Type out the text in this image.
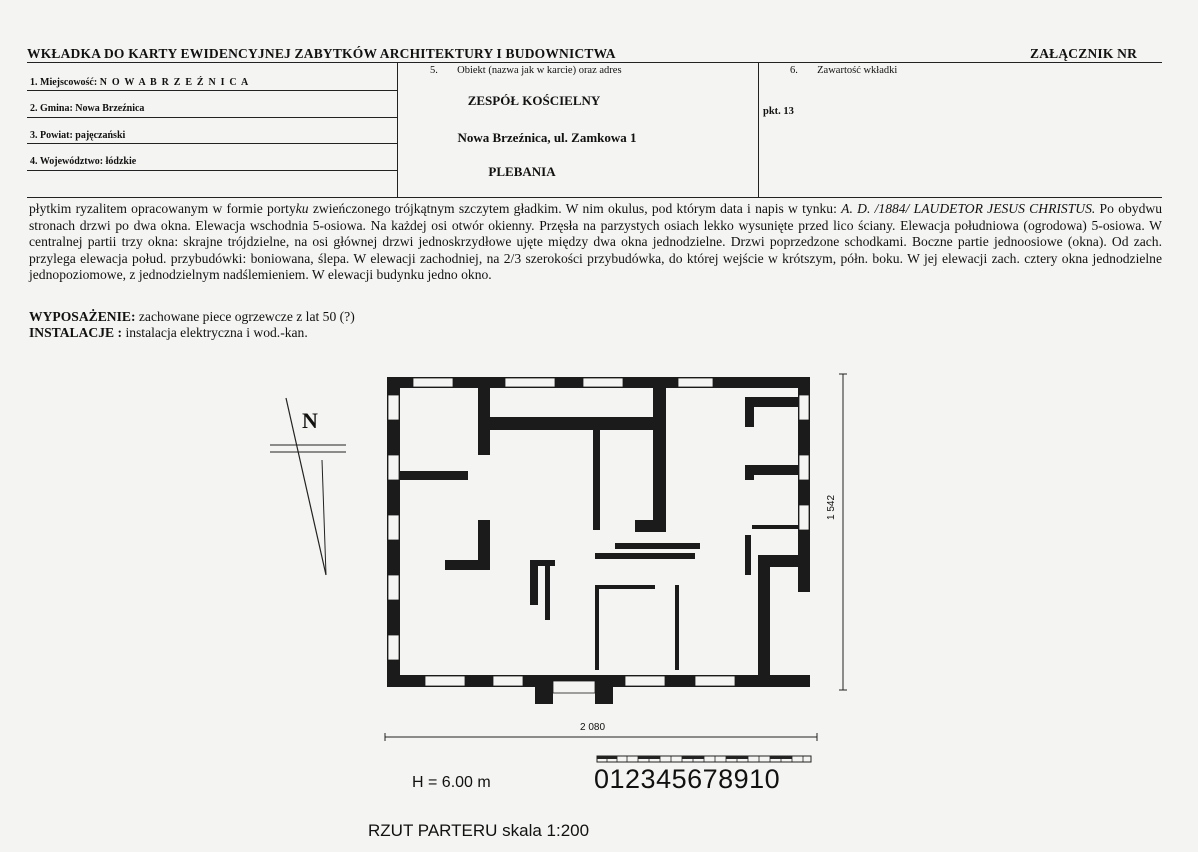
WKŁADKA DO KARTY EWIDENCYJNEJ ZABYTKÓW ARCHITEKTURY I BUDOWNICTWA	ZAŁĄCZNIK NR
1. Miejscowość: N O W A B R Z E Ź N I C A
2. Gmina: Nowa Brzeźnica
3. Powiat: pajęczański
4. Województwo: łódzkie
5. Obiekt (nazwa jak w karcie) oraz adres
ZESPÓŁ KOŚCIELNY
Nowa Brzeźnica, ul. Zamkowa 1
PLEBANIA
6. Zawartość wkładki
pkt. 13
płytkim ryzalitem opracowanym w formie portyku zwieńczonego trójkątnym szczytem gładkim. W nim okulus, pod którym data i napis w tynku: A. D. /1884/ LAUDETOR JESUS CHRISTUS. Po obydwu stronach drzwi po dwa okna. Elewacja wschodnia 5-osiowa. Na każdej osi otwór okienny. Przęsła na parzystych osiach lekko wysunięte przed lico ściany. Elewacja południowa (ogrodowa) 5-osiowa. W centralnej partii trzy okna: skrajne trójdzielne, na osi głównej drzwi jednoskrzydłowe ujęte między dwa okna jednodzielne. Drzwi poprzedzone schodkami. Boczne partie jednoosiowe (okna). Od zach. przylega elewacja połud. przybudówki: boniowana, ślepa. W elewacji zachodniej, na 2/3 szerokości przybudówka, do której wejście w krótszym, półn. boku. W jej elewacji zach. cztery okna jednodzielne jednopoziomowe, z jednodzielnym nadślemieniem. W elewacji budynku jedno okno.
WYPOSAŻENIE: zachowane piece ogrzewcze z lat 50 (?)
INSTALACJE : instalacja elektryczna i wod.-kan.
N
1 542
2 080
H = 6.00 m	012345678910
RZUT PARTERU skala 1:200
